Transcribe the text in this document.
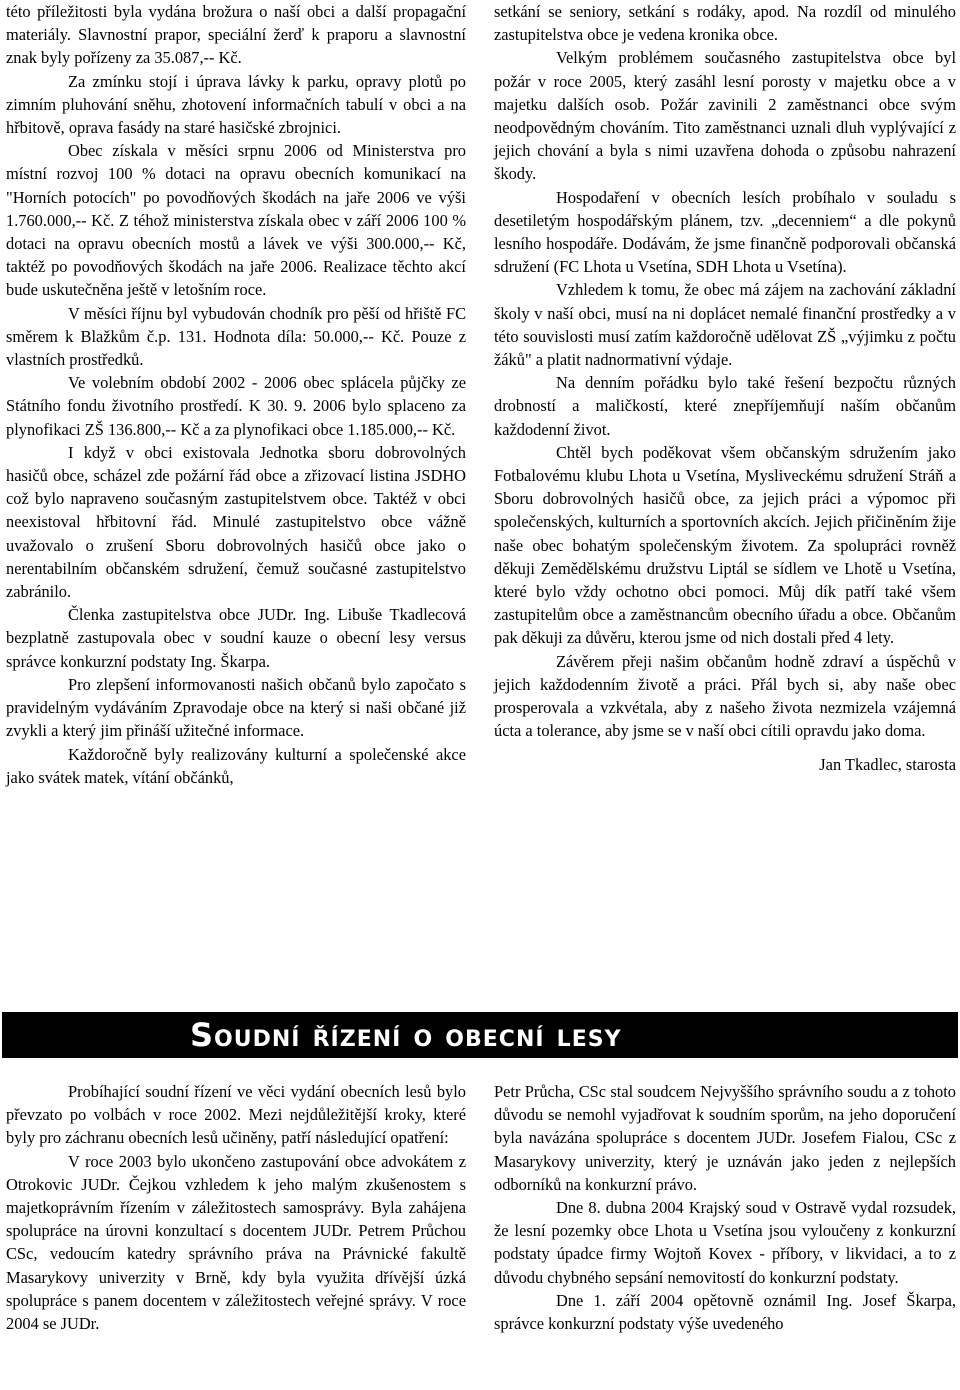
této příležitosti byla vydána brožura o naší obci a další propagační materiály. Slavnostní prapor, speciální žerď k praporu a slavnostní znak byly pořízeny za 35.087,-- Kč.

Za zmínku stojí i úprava lávky k parku, opravy plotů po zimním pluhování sněhu, zhotovení informačních tabulí v obci a na hřbitově, oprava fasády na staré hasičské zbrojnici.

Obec získala v měsíci srpnu 2006 od Ministerstva pro místní rozvoj 100 % dotaci na opravu obecních komunikací na "Horních potocích" po povodňových škodách na jaře 2006 ve výši 1.760.000,-- Kč. Z téhož ministerstva získala obec v září 2006 100 % dotaci na opravu obecních mostů a lávek ve výši 300.000,-- Kč, taktéž po povodňových škodách na jaře 2006. Realizace těchto akcí bude uskutečněna ještě v letošním roce.

V měsíci říjnu byl vybudován chodník pro pěší od hřiště FC směrem k Blažkům č.p. 131. Hodnota díla: 50.000,-- Kč. Pouze z vlastních prostředků.

Ve volebním období 2002 - 2006 obec splácela půjčky ze Státního fondu životního prostředí. K 30. 9. 2006 bylo splaceno za plynofikaci ZŠ 136.800,-- Kč a za plynofikaci obce 1.185.000,-- Kč.

I když v obci existovala Jednotka sboru dobrovolných hasičů obce, scházel zde požární řád obce a zřizovací listina JSDHO což bylo napraveno současným zastupitelstvem obce. Taktéž v obci neexistoval hřbitovní řád. Minulé zastupitelstvo obce vážně uvažovalo o zrušení Sboru dobrovolných hasičů obce jako o nerentabilním občanském sdružení, čemuž současné zastupitelstvo zabránilo.

Členka zastupitelstva obce JUDr. Ing. Libuše Tkadlecová bezplatně zastupovala obec v soudní kauze o obecní lesy versus správce konkurzní podstaty Ing. Škarpa.

Pro zlepšení informovanosti našich občanů bylo započato s pravidelným vydáváním Zpravodaje obce na který si naši občané již zvykli a který jim přináší užitečné informace.

Každoročně byly realizovány kulturní a společenské akce jako svátek matek, vítání občánků,

setkání se seniory, setkání s rodáky, apod. Na rozdíl od minulého zastupitelstva obce je vedena kronika obce.

Velkým problémem současného zastupitelstva obce byl požár v roce 2005, který zasáhl lesní porosty v majetku obce a v majetku dalších osob. Požár zavinili 2 zaměstnanci obce svým neodpovědným chováním. Tito zaměstnanci uznali dluh vyplývající z jejich chování a byla s nimi uzavřena dohoda o způsobu nahrazení škody.

Hospodaření v obecních lesích probíhalo v souladu s desetiletým hospodářským plánem, tzv. „decenniem“ a dle pokynů lesního hospodáře. Dodávám, že jsme finančně podporovali občanská sdružení (FC Lhota u Vsetína, SDH Lhota u Vsetína).

Vzhledem k tomu, že obec má zájem na zachování základní školy v naší obci, musí na ni doplácet nemalé finanční prostředky a v této souvislosti musí zatím každoročně udělovat ZŠ „výjimku z počtu žáků" a platit nadnormativní výdaje.

Na denním pořádku bylo také řešení bezpočtu různých drobností a maličkostí, které znepříjemňují naším občanům každodenní život.

Chtěl bych poděkovat všem občanským sdružením jako Fotbalovému klubu Lhota u Vsetína, Mysliveckému sdružení Stráň a Sboru dobrovolných hasičů obce, za jejich práci a výpomoc při společenských, kulturních a sportovních akcích. Jejich přičiněním žije naše obec bohatým společenským životem. Za spolupráci rovněž děkuji Zemědělskému družstvu Liptál se sídlem ve Lhotě u Vsetína, které bylo vždy ochotno obci pomoci. Můj dík patří také všem zastupitelům obce a zaměstnancům obecního úřadu a obce. Občanům pak děkuji za důvěru, kterou jsme od nich dostali před 4 lety.

Závěrem přeji našim občanům hodně zdraví a úspěchů v jejich každodenním životě a práci. Přál bych si, aby naše obec prosperovala a vzkvétala, aby z našeho života nezmizela vzájemná úcta a tolerance, aby jsme se v naší obci cítili opravdu jako doma.

Jan Tkadlec, starosta

Soudní řízení o obecní lesy

Probíhající soudní řízení ve věci vydání obecních lesů bylo převzato po volbách v roce 2002. Mezi nejdůležitější kroky, které byly pro záchranu obecních lesů učiněny, patří následující opatření:

V roce 2003 bylo ukončeno zastupování obce advokátem z Otrokovic JUDr. Čejkou vzhledem k jeho malým zkušenostem s majetkoprávním řízením v záležitostech samosprávy. Byla zahájena spolupráce na úrovni konzultací s docentem JUDr. Petrem Průchou CSc, vedoucím katedry správního práva na Právnické fakultě Masarykovy univerzity v Brně, kdy byla využita dřívější úzká spolupráce s panem docentem v záležitostech veřejné správy. V roce 2004 se JUDr.

Petr Průcha, CSc stal soudcem Nejvyššího správního soudu a z tohoto důvodu se nemohl vyjadřovat k soudním sporům, na jeho doporučení byla navázána spolupráce s docentem JUDr. Josefem Fialou, CSc z Masarykovy univerzity, který je uznáván jako jeden z nejlepších odborníků na konkurzní právo.

Dne 8. dubna 2004 Krajský soud v Ostravě vydal rozsudek, že lesní pozemky obce Lhota u Vsetína jsou vyloučeny z konkurzní podstaty úpadce firmy Wojtoň Kovex - příbory, v likvidaci, a to z důvodu chybného sepsání nemovitostí do konkurzní podstaty.

Dne 1. září 2004 opětovně oznámil Ing. Josef Škarpa, správce konkurzní podstaty výše uvedeného
